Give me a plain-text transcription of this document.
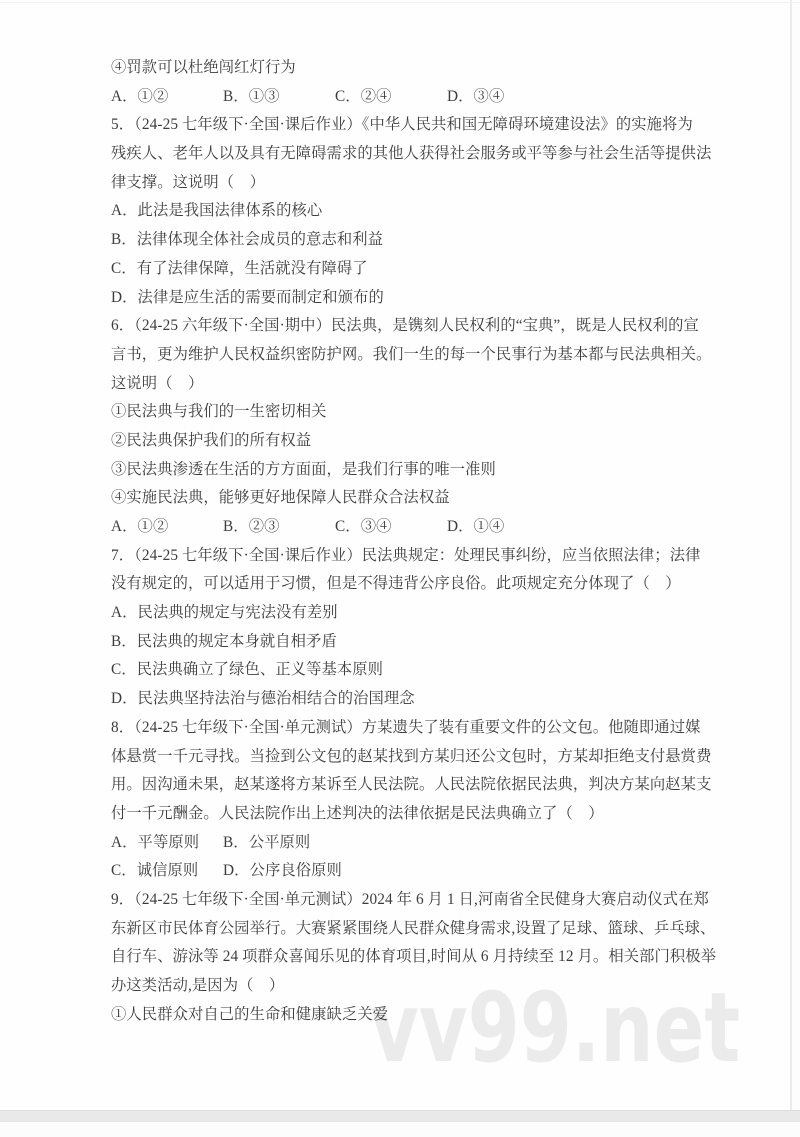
vv99.net
④罚款可以杜绝闯红灯行为
A．①②	B．①③	C．②④	D．③④
5．（24-25 七年级下·全国·课后作业）《中华人民共和国无障碍环境建设法》的实施将为
残疾人、老年人以及具有无障碍需求的其他人获得社会服务或平等参与社会生活等提供法
律支撑。这说明（　）
A．此法是我国法律体系的核心
B．法律体现全体社会成员的意志和利益
C．有了法律保障，生活就没有障碍了
D．法律是应生活的需要而制定和颁布的
6．（24-25 六年级下·全国·期中）民法典，是镌刻人民权利的“宝典”，既是人民权利的宣
言书，更为维护人民权益织密防护网。我们一生的每一个民事行为基本都与民法典相关。
这说明（　）
①民法典与我们的一生密切相关
②民法典保护我们的所有权益
③民法典渗透在生活的方方面面，是我们行事的唯一准则
④实施民法典，能够更好地保障人民群众合法权益
A．①②	B．②③	C．③④	D．①④
7．（24-25 七年级下·全国·课后作业）民法典规定：处理民事纠纷，应当依照法律；法律
没有规定的，可以适用于习惯，但是不得违背公序良俗。此项规定充分体现了（　）
A．民法典的规定与宪法没有差别
B．民法典的规定本身就自相矛盾
C．民法典确立了绿色、正义等基本原则
D．民法典坚持法治与德治相结合的治国理念
8．（24-25 七年级下·全国·单元测试）方某遗失了装有重要文件的公文包。他随即通过媒
体悬赏一千元寻找。当捡到公文包的赵某找到方某归还公文包时，方某却拒绝支付悬赏费
用。因沟通未果，赵某遂将方某诉至人民法院。人民法院依据民法典，判决方某向赵某支
付一千元酬金。人民法院作出上述判决的法律依据是民法典确立了（　）
A．平等原则 B．公平原则
C．诚信原则 D．公序良俗原则
9．（24-25 七年级下·全国·单元测试）2024 年 6 月 1 日,河南省全民健身大赛启动仪式在郑
东新区市民体育公园举行。大赛紧紧围绕人民群众健身需求,设置了足球、篮球、乒乓球、
自行车、游泳等 24 项群众喜闻乐见的体育项目,时间从 6 月持续至 12 月。相关部门积极举
办这类活动,是因为（　）
①人民群众对自己的生命和健康缺乏关爱
